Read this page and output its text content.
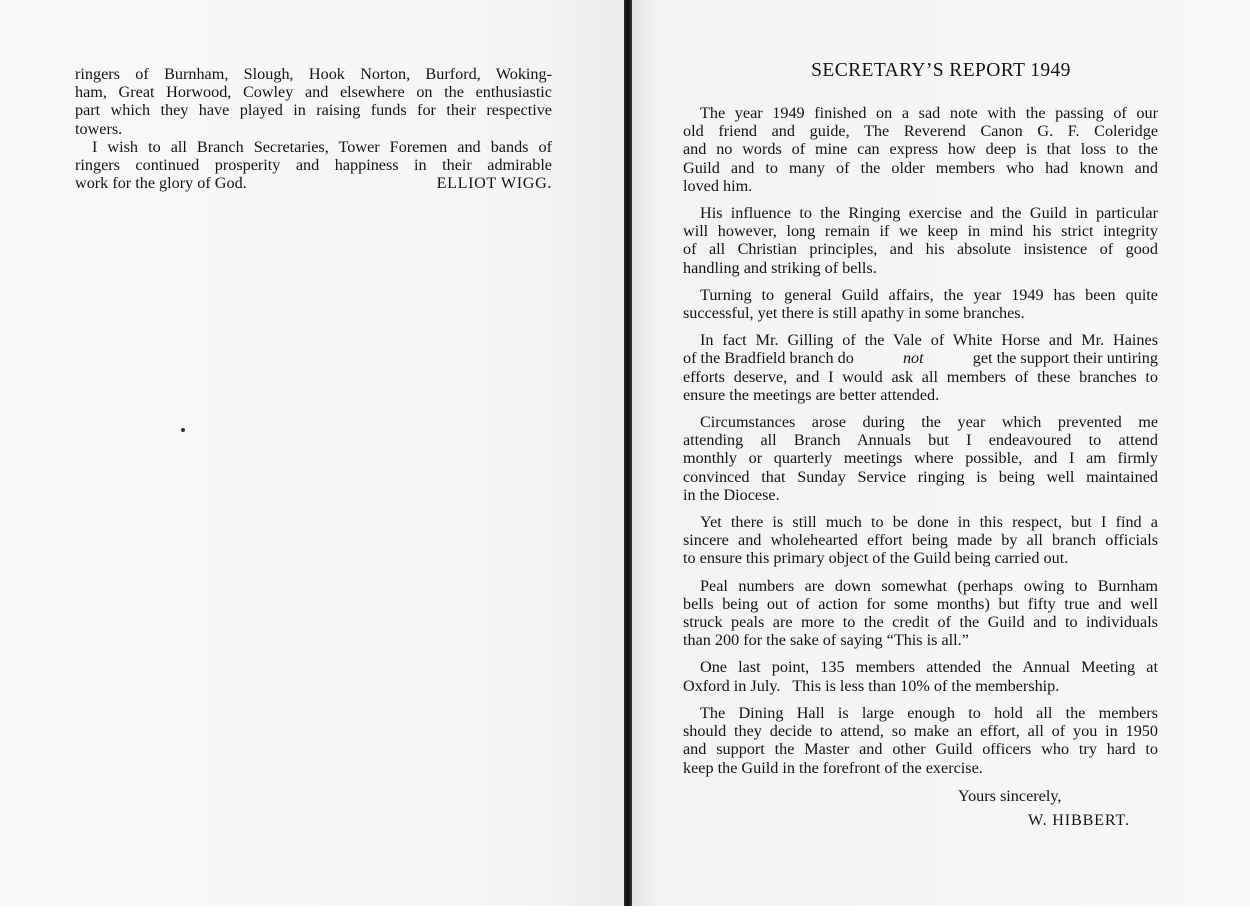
ringers of Burnham, Slough, Hook Norton, Burford, Woking-
ham, Great Horwood, Cowley and elsewhere on the enthusiastic
part which they have played in raising funds for their respective
towers.
I wish to all Branch Secretaries, Tower Foremen and bands of
ringers continued prosperity and happiness in their admirable
work for the glory of God.	ELLIOT WIGG.
SECRETARY’S REPORT 1949
The year 1949 finished on a sad note with the passing of our
old friend and guide, The Reverend Canon G. F. Coleridge
and no words of mine can express how deep is that loss to the
Guild and to many of the older members who had known and
loved him.
His influence to the Ringing exercise and the Guild in particular
will however, long remain if we keep in mind his strict integrity
of all Christian principles, and his absolute insistence of good
handling and striking of bells.
Turning to general Guild affairs, the year 1949 has been quite
successful, yet there is still apathy in some branches.
In fact Mr. Gilling of the Vale of White Horse and Mr. Haines
of the Bradfield branch do	not	get the support their untiring
efforts deserve, and I would ask all members of these branches to
ensure the meetings are better attended.
Circumstances arose during the year which prevented me
attending all Branch Annuals but I endeavoured to attend
monthly or quarterly meetings where possible, and I am firmly
convinced that Sunday Service ringing is being well maintained
in the Diocese.
Yet there is still much to be done in this respect, but I find a
sincere and wholehearted effort being made by all branch officials
to ensure this primary object of the Guild being carried out.
Peal numbers are down somewhat (perhaps owing to Burnham
bells being out of action for some months) but fifty true and well
struck peals are more to the credit of the Guild and to individuals
than 200 for the sake of saying “This is all.”
One last point, 135 members attended the Annual Meeting at
Oxford in July.   This is less than 10% of the membership.
The Dining Hall is large enough to hold all the members
should they decide to attend, so make an effort, all of you in 1950
and support the Master and other Guild officers who try hard to
keep the Guild in the forefront of the exercise.
Yours sincerely,
W. HIBBERT.
